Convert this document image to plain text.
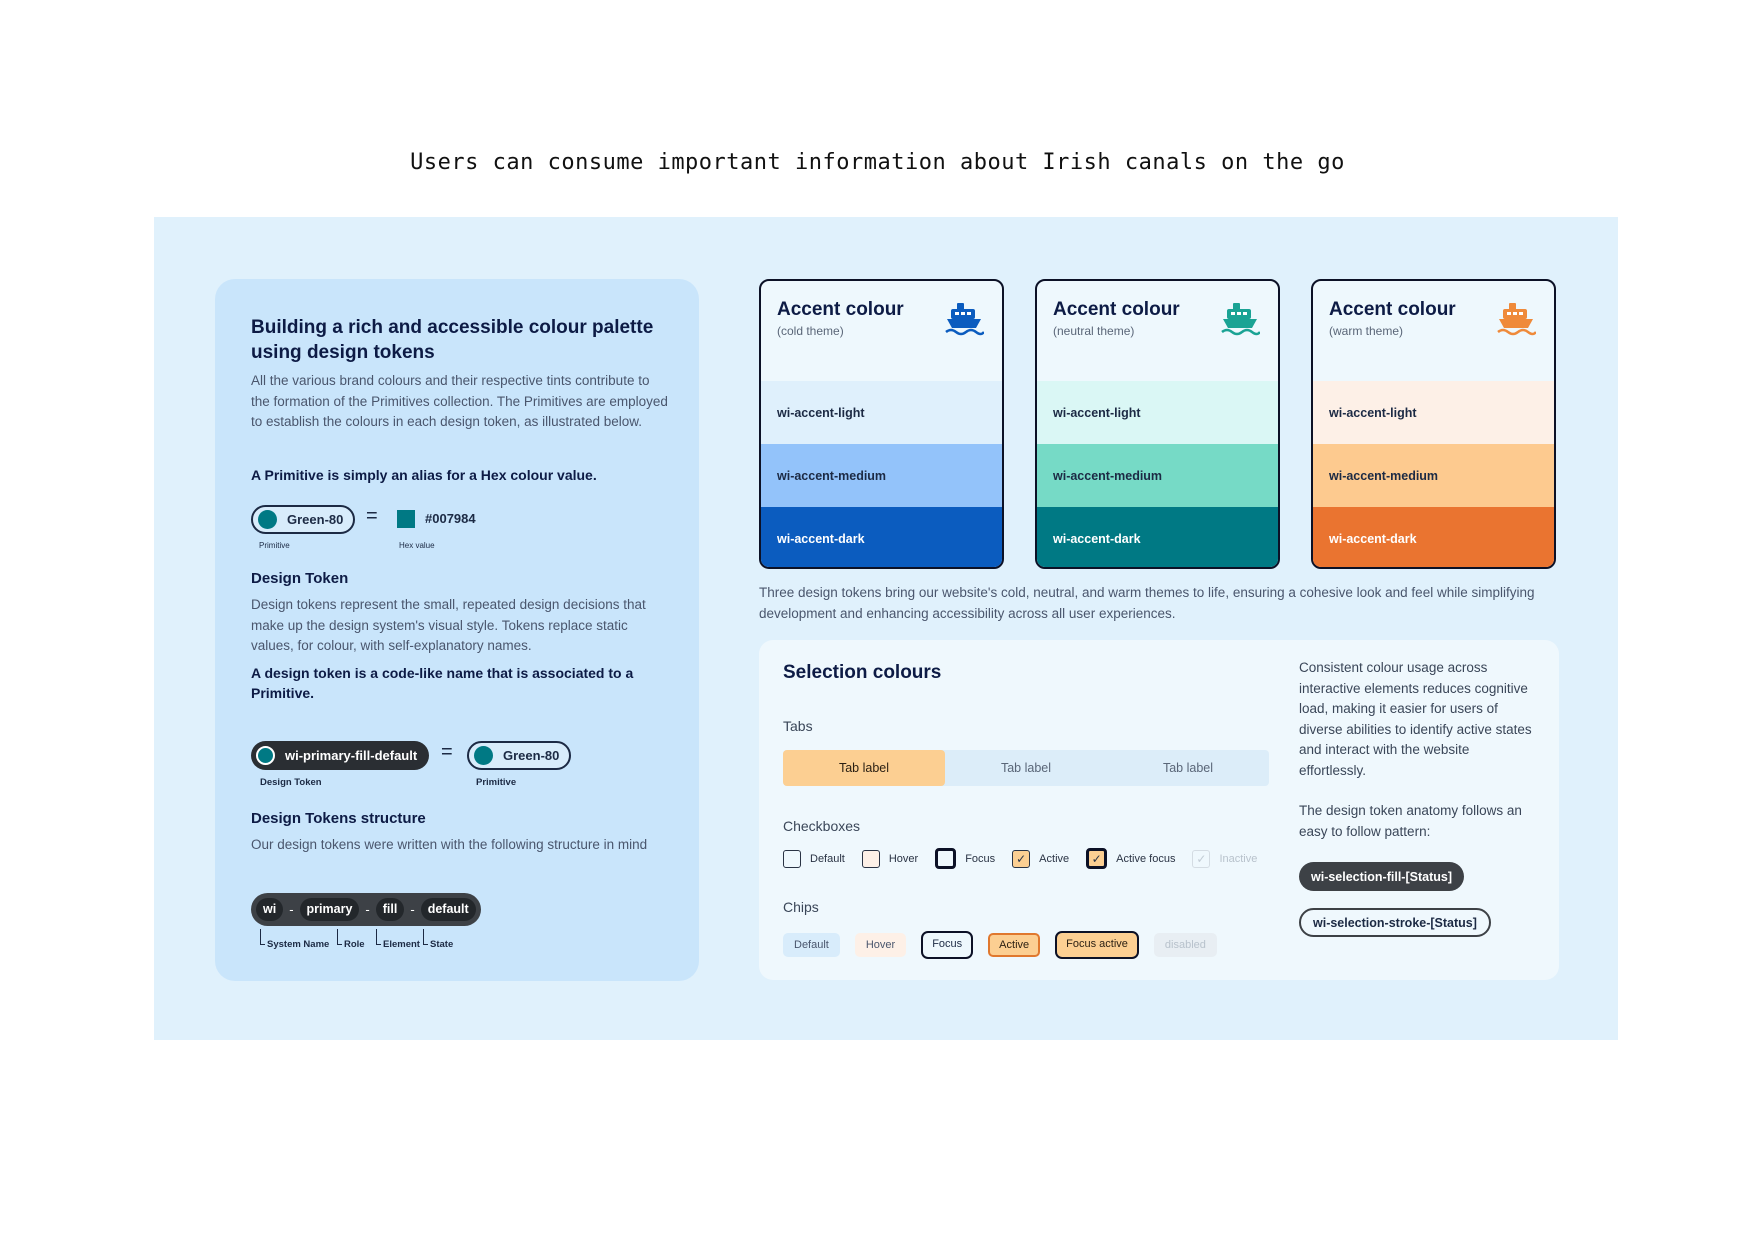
Users can consume important information about Irish canals on the go
Building a rich and accessible colour palette using design tokens
All the various brand colours and their respective tints contribute to the formation of the Primitives collection. The Primitives are employed to establish the colours in each design token, as illustrated below.
A Primitive is simply an alias for a Hex colour value.
Green-80
Primitive
=	#007984
Hex value
Design Token
Design tokens represent the small, repeated design decisions that make up the design system's visual style. Tokens replace static values, for colour, with self-explanatory names.
A design token is a code-like name that is associated to a Primitive.
wi-primary-fill-default
Design Token
=	Green-80
Primitive
Design Tokens structure
Our design tokens were written with the following structure in mind
wi	-	primary	-	fill	-	default
System Name Role Element State
Accent colour
(cold theme)
wi-accent-light
wi-accent-medium
wi-accent-dark
Accent colour
(neutral theme)
wi-accent-light
wi-accent-medium
wi-accent-dark
Accent colour
(warm theme)
wi-accent-light
wi-accent-medium
wi-accent-dark
Three design tokens bring our website's cold, neutral, and warm themes to life, ensuring a cohesive look and feel while simplifying development and enhancing accessibility across all user experiences.
Selection colours
Tabs
Tab label	Tab label	Tab label
Checkboxes
Default	Hover	Focus ✓ Active ✓ Active focus ✓ Inactive
Chips
Default	Hover	Focus	Active	Focus active	disabled
Consistent colour usage across interactive elements reduces cognitive load, making it easier for users of diverse abilities to identify active states and interact with the website effortlessly.
The design token anatomy follows an easy to follow pattern:
wi-selection-fill-[Status]
wi-selection-stroke-[Status]
